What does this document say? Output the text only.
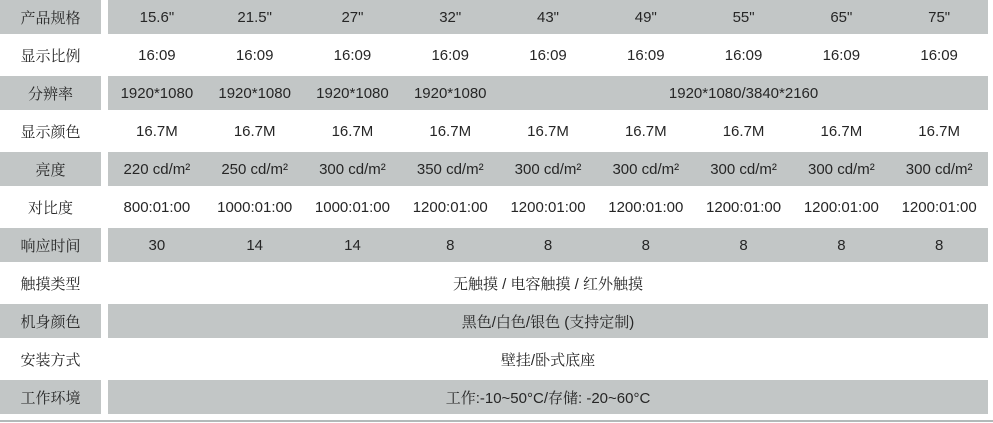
产品规格	15.6"	21.5"	27"	32"	43"	49"	55"	65"	75"
显示比例	16:09	16:09	16:09	16:09	16:09	16:09	16:09	16:09	16:09
分辨率	1920*1080	1920*1080	1920*1080	1920*1080	1920*1080/3840*2160
显示颜色	16.7M	16.7M	16.7M	16.7M	16.7M	16.7M	16.7M	16.7M	16.7M
亮度	220 cd/m²	250 cd/m²	300 cd/m²	350 cd/m²	300 cd/m²	300 cd/m²	300 cd/m²	300 cd/m²	300 cd/m²
对比度	800:01:00	1000:01:00	1000:01:00	1200:01:00	1200:01:00	1200:01:00	1200:01:00	1200:01:00	1200:01:00
响应时间	30	14	14	8	8	8	8	8	8
触摸类型	无触摸 / 电容触摸 / 红外触摸
机身颜色	黑色/白色/银色 (支持定制)
安装方式	壁挂/卧式底座
工作环境	工作:-10~50°C/存储: -20~60°C
